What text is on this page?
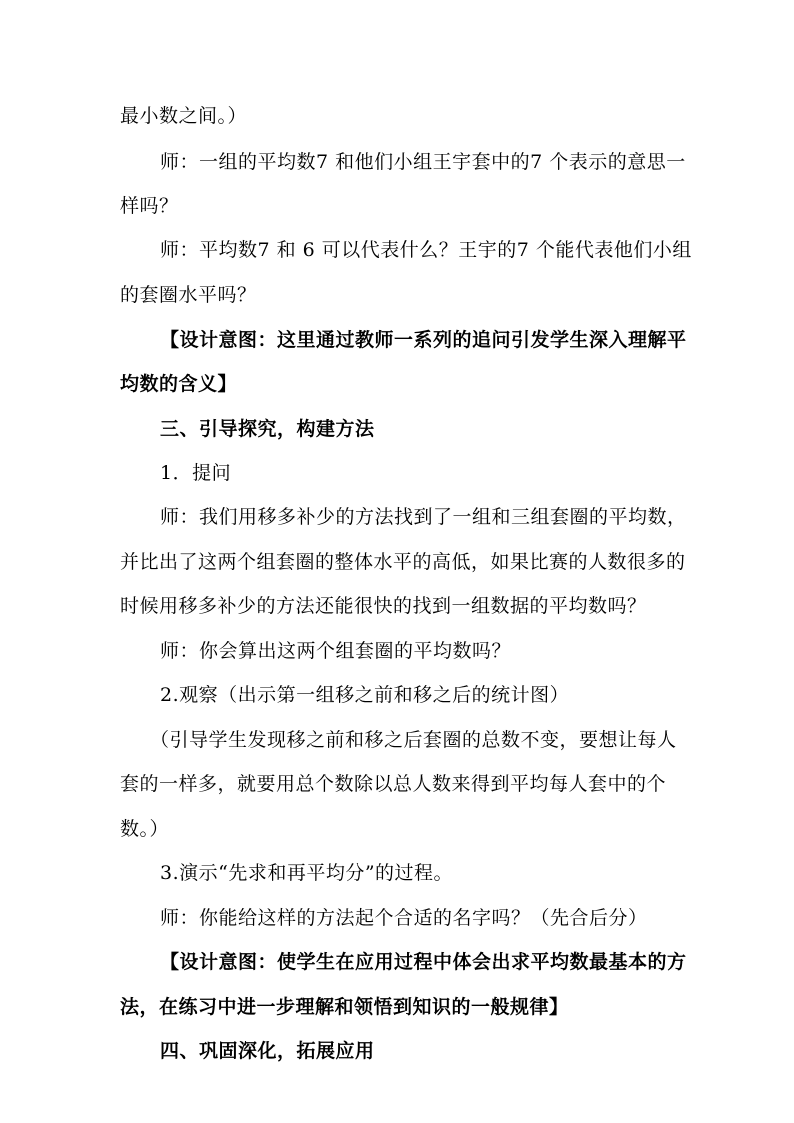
最小数之间。）
师：一组的平均数7 和他们小组王宇套中的7 个表示的意思一
样吗？
师：平均数7 和 6 可以代表什么？王宇的7 个能代表他们小组
的套圈水平吗？
【设计意图：这里通过教师一系列的追问引发学生深入理解平
均数的含义】
三、引导探究，构建方法
1．提问
师：我们用移多补少的方法找到了一组和三组套圈的平均数，
并比出了这两个组套圈的整体水平的高低，如果比赛的人数很多的
时候用移多补少的方法还能很快的找到一组数据的平均数吗？
师：你会算出这两个组套圈的平均数吗？
2.观察（出示第一组移之前和移之后的统计图）
（引导学生发现移之前和移之后套圈的总数不变，要想让每人
套的一样多，就要用总个数除以总人数来得到平均每人套中的个
数。）
3.演示“先求和再平均分”的过程。
师：你能给这样的方法起个合适的名字吗？（先合后分）
【设计意图：使学生在应用过程中体会出求平均数最基本的方
法，在练习中进一步理解和领悟到知识的一般规律】
四、巩固深化，拓展应用
